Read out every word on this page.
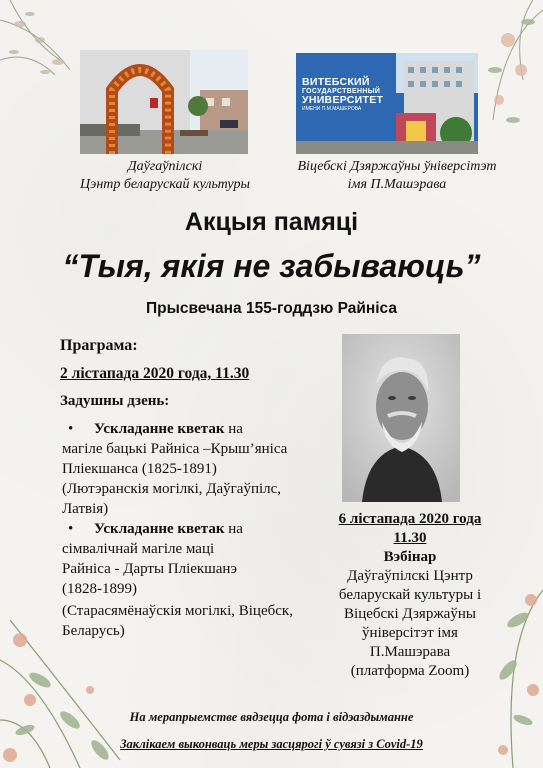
ВИТЕБСКИЙ
ГОСУДАРСТВЕННЫЙ
УНИВЕРСИТЕТ
ИМЕНИ П.М.МАШЕРОВА
Даўгаўпілскі
Цэнтр беларускай культуры
Віцебскі Дзяржаўны ўніверсітэт
імя П.Машэрава
Акцыя памяці
“Тыя, якія не забываюць”
Прысвечана 155-годдзю Райніса
Праграма:
2 лістапада 2020 года, 11.30
Задушны дзень:
• Ускладанне кветак на
магіле бацькі Райніса –Крыш’яніса
Пліекшанса (1825-1891)
(Лютэранскія могілкі, Даўгаўпілс,
Латвія)
• Ускладанне кветак на
сімвалічнай магіле маці
Райніса - Дарты Пліекшанэ
(1828-1899)
(Старасямёнаўскія могілкі, Віцебск,
Беларусь)
6 лістапада 2020 года
11.30
Вэбінар
Даўгаўпілскі Цэнтр
беларускай культуры і
Віцебскі Дзяржаўны
ўніверсітэт імя
П.Машэрава
(платформа Zoom)
На мерапрыемстве вядзецца фота і відэаздыманне
Заклікаем выконваць меры засцярогі ў сувязі з Covid-19
